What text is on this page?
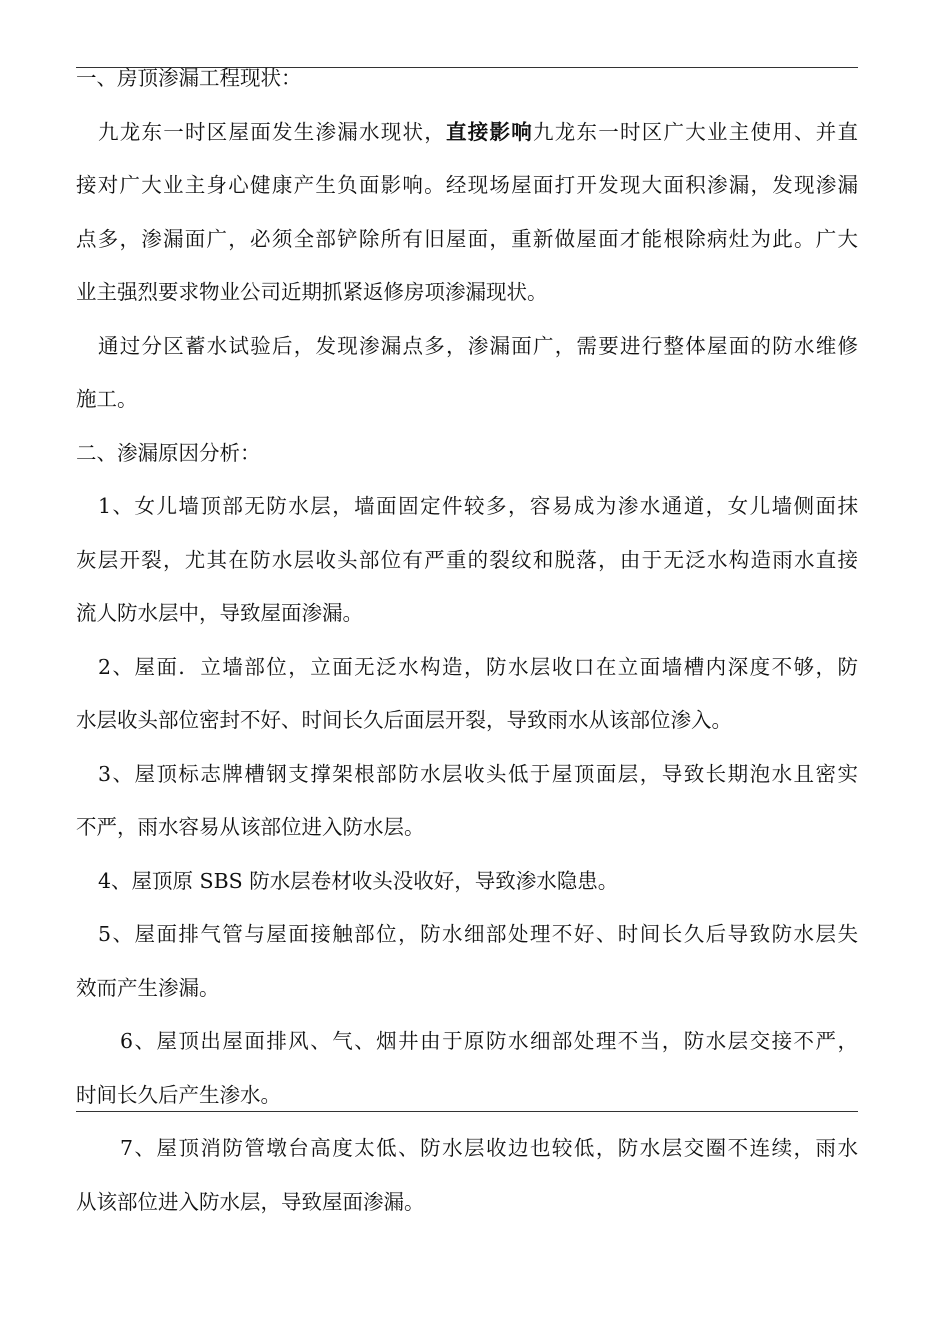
一、房顶渗漏工程现状：
九龙东一时区屋面发生渗漏水现状，直接影响九龙东一时区广大业主使用、并直
接对广大业主身心健康产生负面影响。经现场屋面打开发现大面积渗漏，发现渗漏
点多，渗漏面广，必须全部铲除所有旧屋面，重新做屋面才能根除病灶为此。广大
业主强烈要求物业公司近期抓紧返修房项渗漏现状。
通过分区蓄水试验后，发现渗漏点多，渗漏面广，需要进行整体屋面的防水维修
施工。
二、渗漏原因分析：
1、女儿墙顶部无防水层，墙面固定件较多，容易成为渗水通道，女儿墙侧面抹
灰层开裂，尤其在防水层收头部位有严重的裂纹和脱落，由于无泛水构造雨水直接
流人防水层中，导致屋面渗漏。
2、屋面．立墙部位，立面无泛水构造，防水层收口在立面墙槽内深度不够，防
水层收头部位密封不好、时间长久后面层开裂，导致雨水从该部位渗入。
3、屋顶标志牌槽钢支撑架根部防水层收头低于屋顶面层，导致长期泡水且密实
不严，雨水容易从该部位进入防水层。
4、屋顶原 SBS 防水层卷材收头没收好，导致渗水隐患。
5、屋面排气管与屋面接触部位，防水细部处理不好、时间长久后导致防水层失
效而产生渗漏。
6、屋顶出屋面排风、气、烟井由于原防水细部处理不当，防水层交接不严，
时间长久后产生渗水。
7、屋顶消防管墩台高度太低、防水层收边也较低，防水层交圈不连续，雨水
从该部位进入防水层，导致屋面渗漏。
